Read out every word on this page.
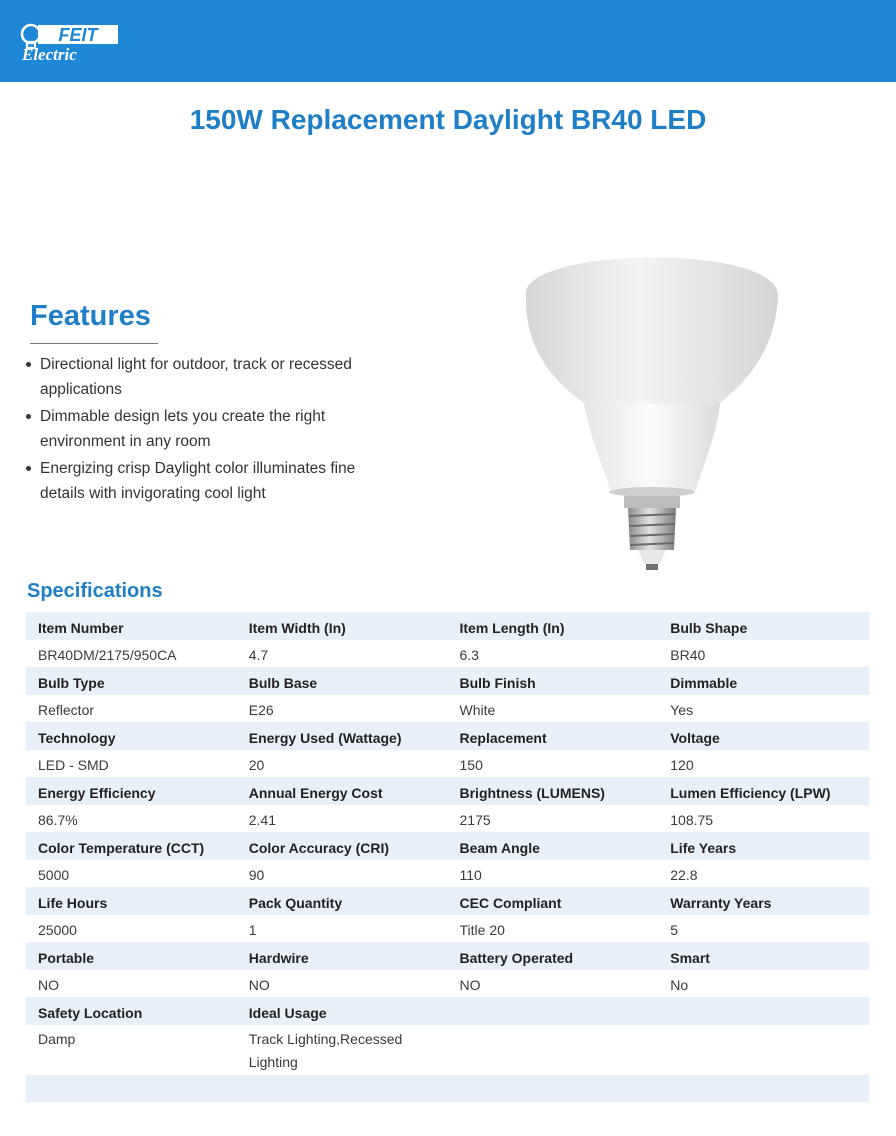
FEIT
Electric
150W Replacement Daylight BR40 LED
Features
Directional light for outdoor, track or recessed applications
Dimmable design lets you create the right environment in any room
Energizing crisp Daylight color illuminates fine details with invigorating cool light
Specifications
Item Number	Item Width (In)	Item Length (In)	Bulb Shape
BR40DM/2175/950CA	4.7	6.3	BR40
Bulb Type	Bulb Base	Bulb Finish	Dimmable
Reflector	E26	White	Yes
Technology	Energy Used (Wattage)	Replacement	Voltage
LED - SMD	20	150	120
Energy Efficiency	Annual Energy Cost	Brightness (LUMENS)	Lumen Efficiency (LPW)
86.7%	2.41	2175	108.75
Color Temperature (CCT)	Color Accuracy (CRI)	Beam Angle	Life Years
5000	90	110	22.8
Life Hours	Pack Quantity	CEC Compliant	Warranty Years
25000	1	Title 20	5
Portable	Hardwire	Battery Operated	Smart
NO	NO	NO	No
Safety Location	Ideal Usage
Damp	Track Lighting,Recessed Lighting
